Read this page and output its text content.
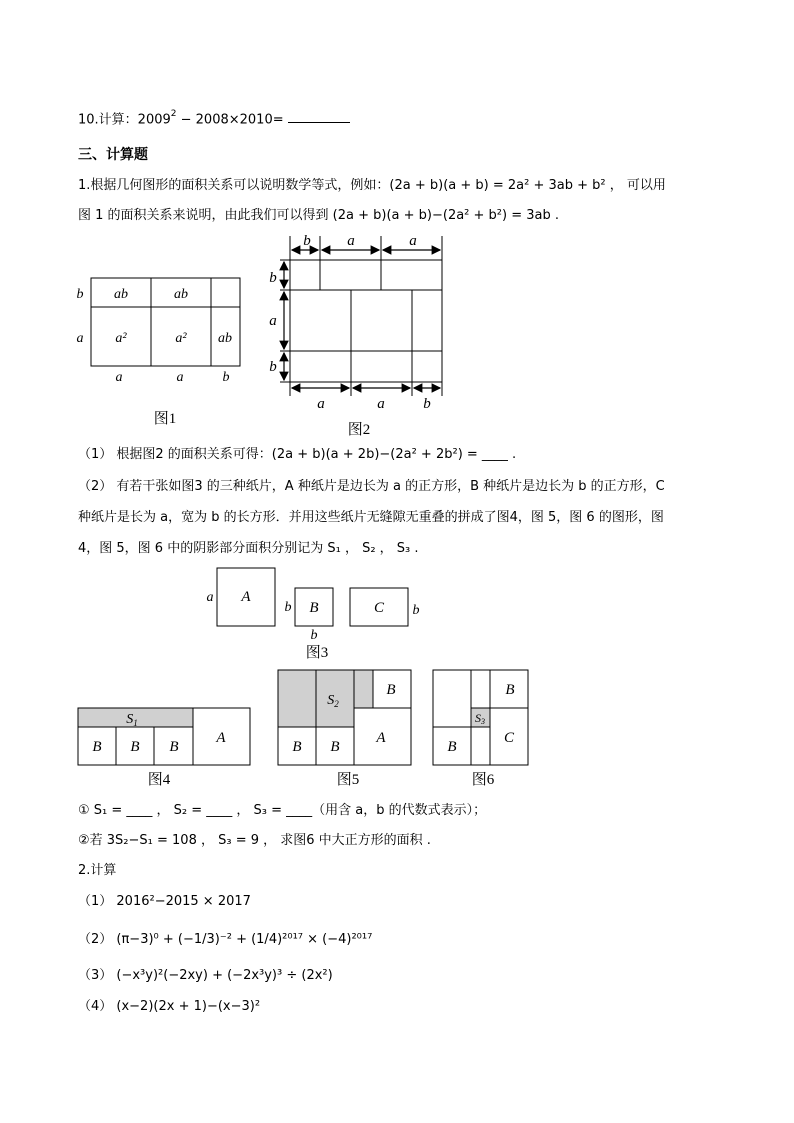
10.计算：$2009^2 - 2008\times 2010=$
三、计算题
1.根据几何图形的面积关系可以说明数学等式，例如：(2a + b)(a + b) = 2a² + 3ab + b² ， 可以用
图 1 的面积关系来说明，由此我们可以得到 (2a + b)(a + b)−(2a² + b²) = 3ab .
ab	ab
a²	a² ab
b
a
a	a	b
图1
b a	a
b
a
b
a	a	b
图2
（1） 根据图2 的面积关系可得：(2a + b)(a + 2b)−(2a² + 2b²) = ____ .
（2） 有若干张如图3 的三种纸片，A 种纸片是边长为 a 的正方形，B 种纸片是边长为 b 的正方形，C
种纸片是长为 a，宽为 b 的长方形．并用这些纸片无缝隙无重叠的拼成了图4，图 5，图 6 的图形，图
4，图 5，图 6 中的阴影部分面积分别记为 S₁ ， S₂ ， S₃ .
A
B	C
a
b
b
b
图3
$S_1$
B B B
A
图4
$S_2$
B B
B
A
图5
S3
B
B
C
图6
① S₁ = ____ ， S₂ = ____ ， S₃ = ____（用含 a，b 的代数式表示）；
②若 3S₂−S₁ = 108 ， S₃ = 9 ， 求图6 中大正方形的面积 .
2.计算
（1） 2016²−2015 × 2017
（2） (π−3)⁰ + (−1/3)⁻² + (1/4)²⁰¹⁷ × (−4)²⁰¹⁷
（3） (−x³y)²(−2xy) + (−2x³y)³ ÷ (2x²)
（4） (x−2)(2x + 1)−(x−3)²
